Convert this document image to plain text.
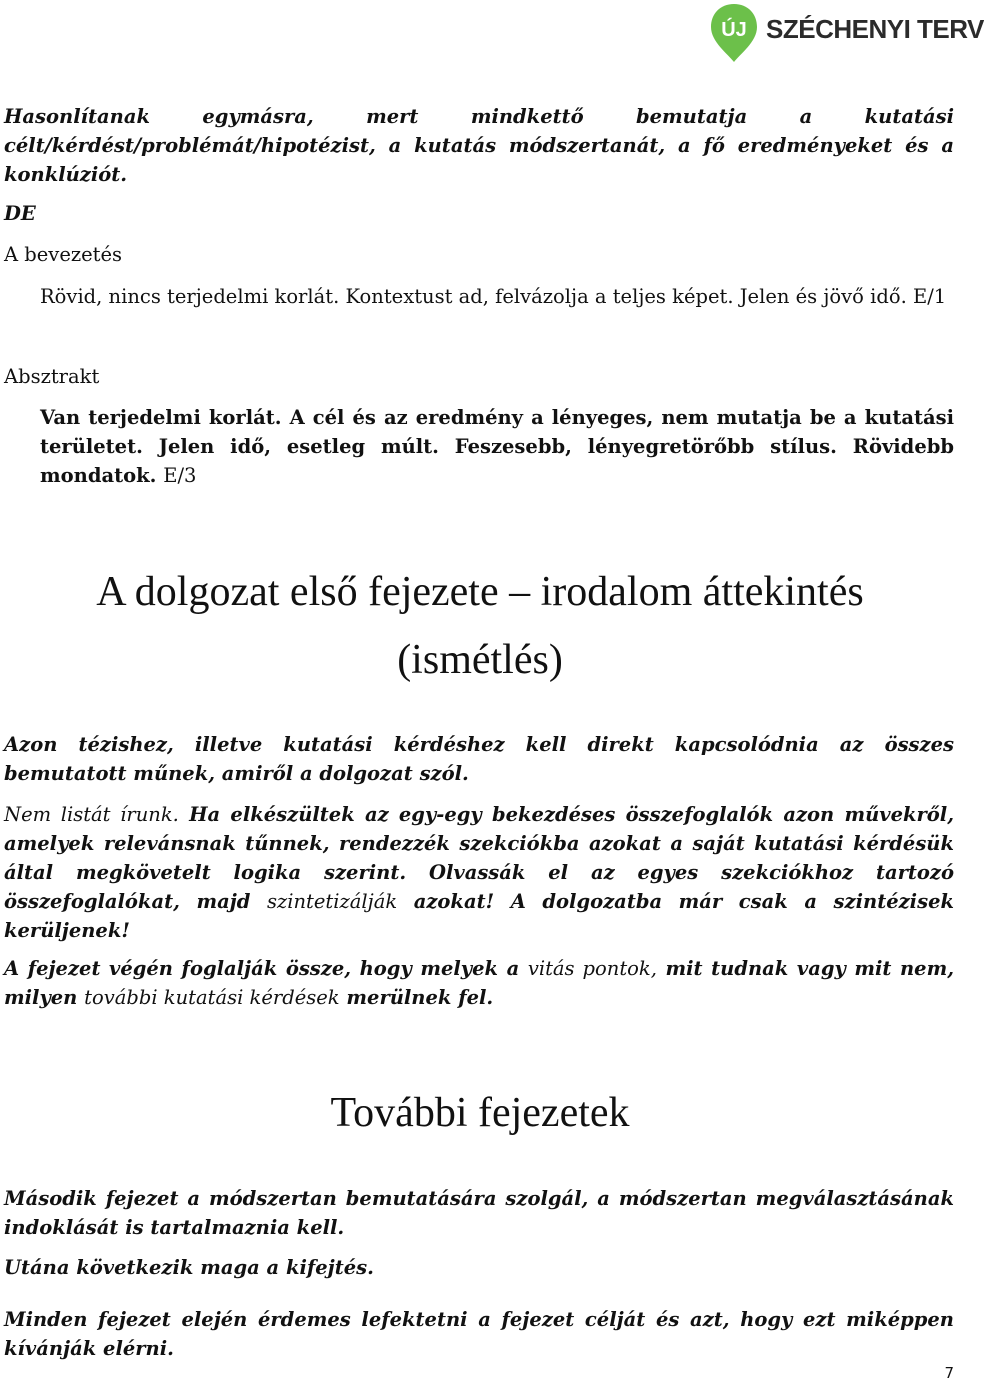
ÚJ SZÉCHENYI TERV
Hasonlítanak egymásra, mert mindkettő bemutatja a kutatási célt/kérdést/problémát/hipotézist, a kutatás módszertanát, a fő eredményeket és a konklúziót.
DE
A bevezetés
Rövid, nincs terjedelmi korlát. Kontextust ad, felvázolja a teljes képet. Jelen és jövő idő. E/1
Absztrakt
Van terjedelmi korlát. A cél és az eredmény a lényeges, nem mutatja be a kutatási területet. Jelen idő, esetleg múlt. Feszesebb, lényegretörőbb stílus. Rövidebb mondatok. E/3
A dolgozat első fejezete – irodalom áttekintés
(ismétlés)
Azon tézishez, illetve kutatási kérdéshez kell direkt kapcsolódnia az összes bemutatott műnek, amiről a dolgozat szól.
Nem listát írunk. Ha elkészültek az egy-egy bekezdéses összefoglalók azon művekről, amelyek relevánsnak tűnnek, rendezzék szekciókba azokat a saját kutatási kérdésük által megkövetelt logika szerint. Olvassák el az egyes szekciókhoz tartozó összefoglalókat, majd szintetizálják azokat! A dolgozatba már csak a szintézisek kerüljenek!
A fejezet végén foglalják össze, hogy melyek a vitás pontok, mit tudnak vagy mit nem, milyen további kutatási kérdések merülnek fel.
További fejezetek
Második fejezet a módszertan bemutatására szolgál, a módszertan megválasztásának indoklását is tartalmaznia kell.
Utána következik maga a kifejtés.
Minden fejezet elején érdemes lefektetni a fejezet célját és azt, hogy ezt miképpen kívánják elérni.
7
